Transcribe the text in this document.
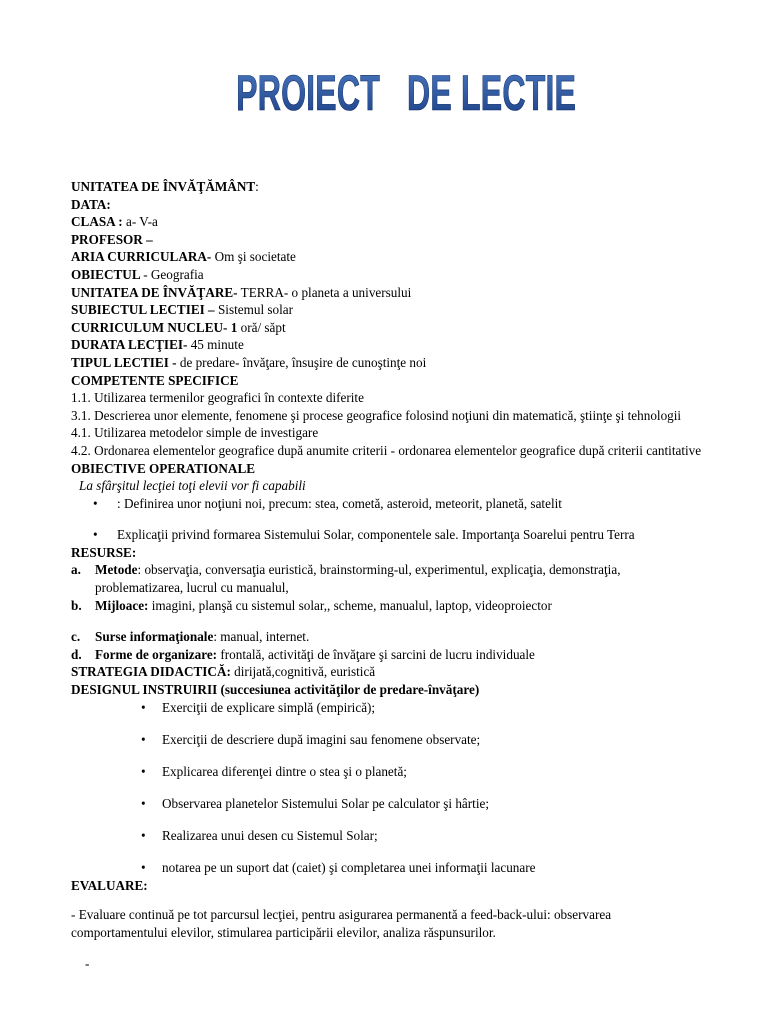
PROIECT   DE LECTIE
UNITATEA DE ÎNVĂŢĂMÂNT:
DATA:
CLASA : a- V-a
PROFESOR –
ARIA CURRICULARA- Om şi societate
OBIECTUL - Geografia
UNITATEA DE ÎNVĂŢARE- TERRA- o planeta a universului
SUBIECTUL LECTIEI – Sistemul solar
CURRICULUM NUCLEU- 1 oră/ săpt
DURATA LECŢIEI- 45 minute
TIPUL LECTIEI - de predare- învăţare, însuşire de cunoştinţe noi
COMPETENTE SPECIFICE
1.1. Utilizarea termenilor geografici în contexte diferite
3.1. Descrierea unor elemente, fenomene şi procese geografice folosind noţiuni din matematică, ştiinţe şi tehnologii
4.1. Utilizarea metodelor simple de investigare
4.2. Ordonarea elementelor geografice după anumite criterii - ordonarea elementelor geografice după criterii cantitative
OBIECTIVE OPERATIONALE
La sfârşitul lecţiei toţi elevii vor fi capabili
• : Definirea unor noţiuni noi, precum: stea, cometă, asteroid, meteorit, planetă, satelit
• Explicaţii privind formarea Sistemului Solar, componentele sale. Importanţa Soarelui pentru Terra
RESURSE:
a.	Metode: observaţia, conversaţia euristică, brainstorming-ul, experimentul, explicaţia, demonstraţia, problematizarea, lucrul cu manualul,
b.	Mijloace: imagini, planşă cu sistemul solar,, scheme, manualul, laptop, videoproiector
c.	Surse informaţionale: manual, internet.
d.	Forme de organizare: frontală, activităţi de învăţare şi sarcini de lucru individuale
STRATEGIA DIDACTICĂ: dirijată,cognitivă, euristică
DESIGNUL INSTRUIRII (succesiunea activităţilor de predare-învăţare)
• Exerciţii de explicare simplă (empirică);
• Exerciţii de descriere după imagini sau fenomene observate;
• Explicarea diferenţei dintre o stea şi o planetă;
• Observarea planetelor Sistemului Solar pe calculator şi hârtie;
• Realizarea unui desen cu Sistemul Solar;
• notarea pe un suport dat (caiet) şi completarea unei informaţii lacunare
EVALUARE:
- Evaluare continuă pe tot parcursul lecţiei, pentru asigurarea permanentă a feed-back-ului: observarea comportamentului elevilor, stimularea participării elevilor, analiza răspunsurilor.
-
